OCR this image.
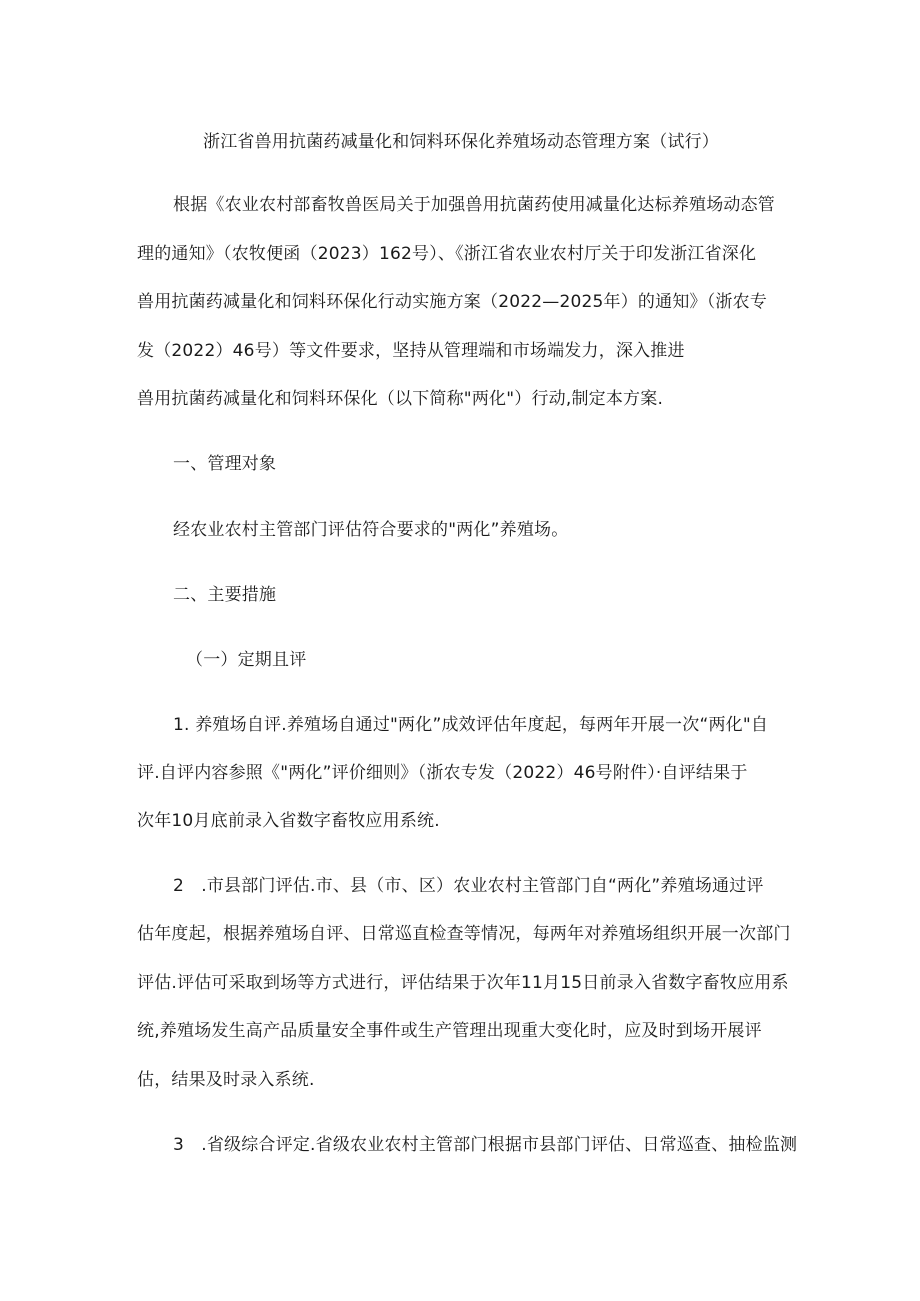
浙江省兽用抗菌药减量化和饲料环保化养殖场动态管理方案（试行）
根据《农业农村部畜牧兽医局关于加强兽用抗菌药使用减量化达标养殖场动态管
理的通知》（农牧便函（2023）162号）、《浙江省农业农村厅关于印发浙江省深化
兽用抗菌药减量化和饲料环保化行动实施方案（2022—2025年）的通知》（浙农专
发（2022）46号）等文件要求，坚持从管理端和市场端发力，深入推进
兽用抗菌药减量化和饲料环保化（以下简称"两化"）行动,制定本方案.
一、管理对象
经农业农村主管部门评估符合要求的"两化”养殖场。
二、主要措施
（一）定期且评
1. 养殖场自评.养殖场自通过"两化”成效评估年度起，每两年开展一次“两化"自
评.自评内容参照《"两化”评价细则》（浙农专发（2022）46号附件）·自评结果于
次年10月底前录入省数字畜牧应用系统.
2　.市县部门评估.市、县（市、区）农业农村主管部门自“两化”养殖场通过评
估年度起，根据养殖场自评、日常巡直检查等情况，每两年对养殖场组织开展一次部门
评估.评估可采取到场等方式进行，评估结果于次年11月15日前录入省数字畜牧应用系
统,养殖场发生高产品质量安全事件或生产管理出现重大变化时，应及时到场开展评
估，结果及时录入系统.
3　.省级综合评定.省级农业农村主管部门根据市县部门评估、日常巡查、抽检监测
